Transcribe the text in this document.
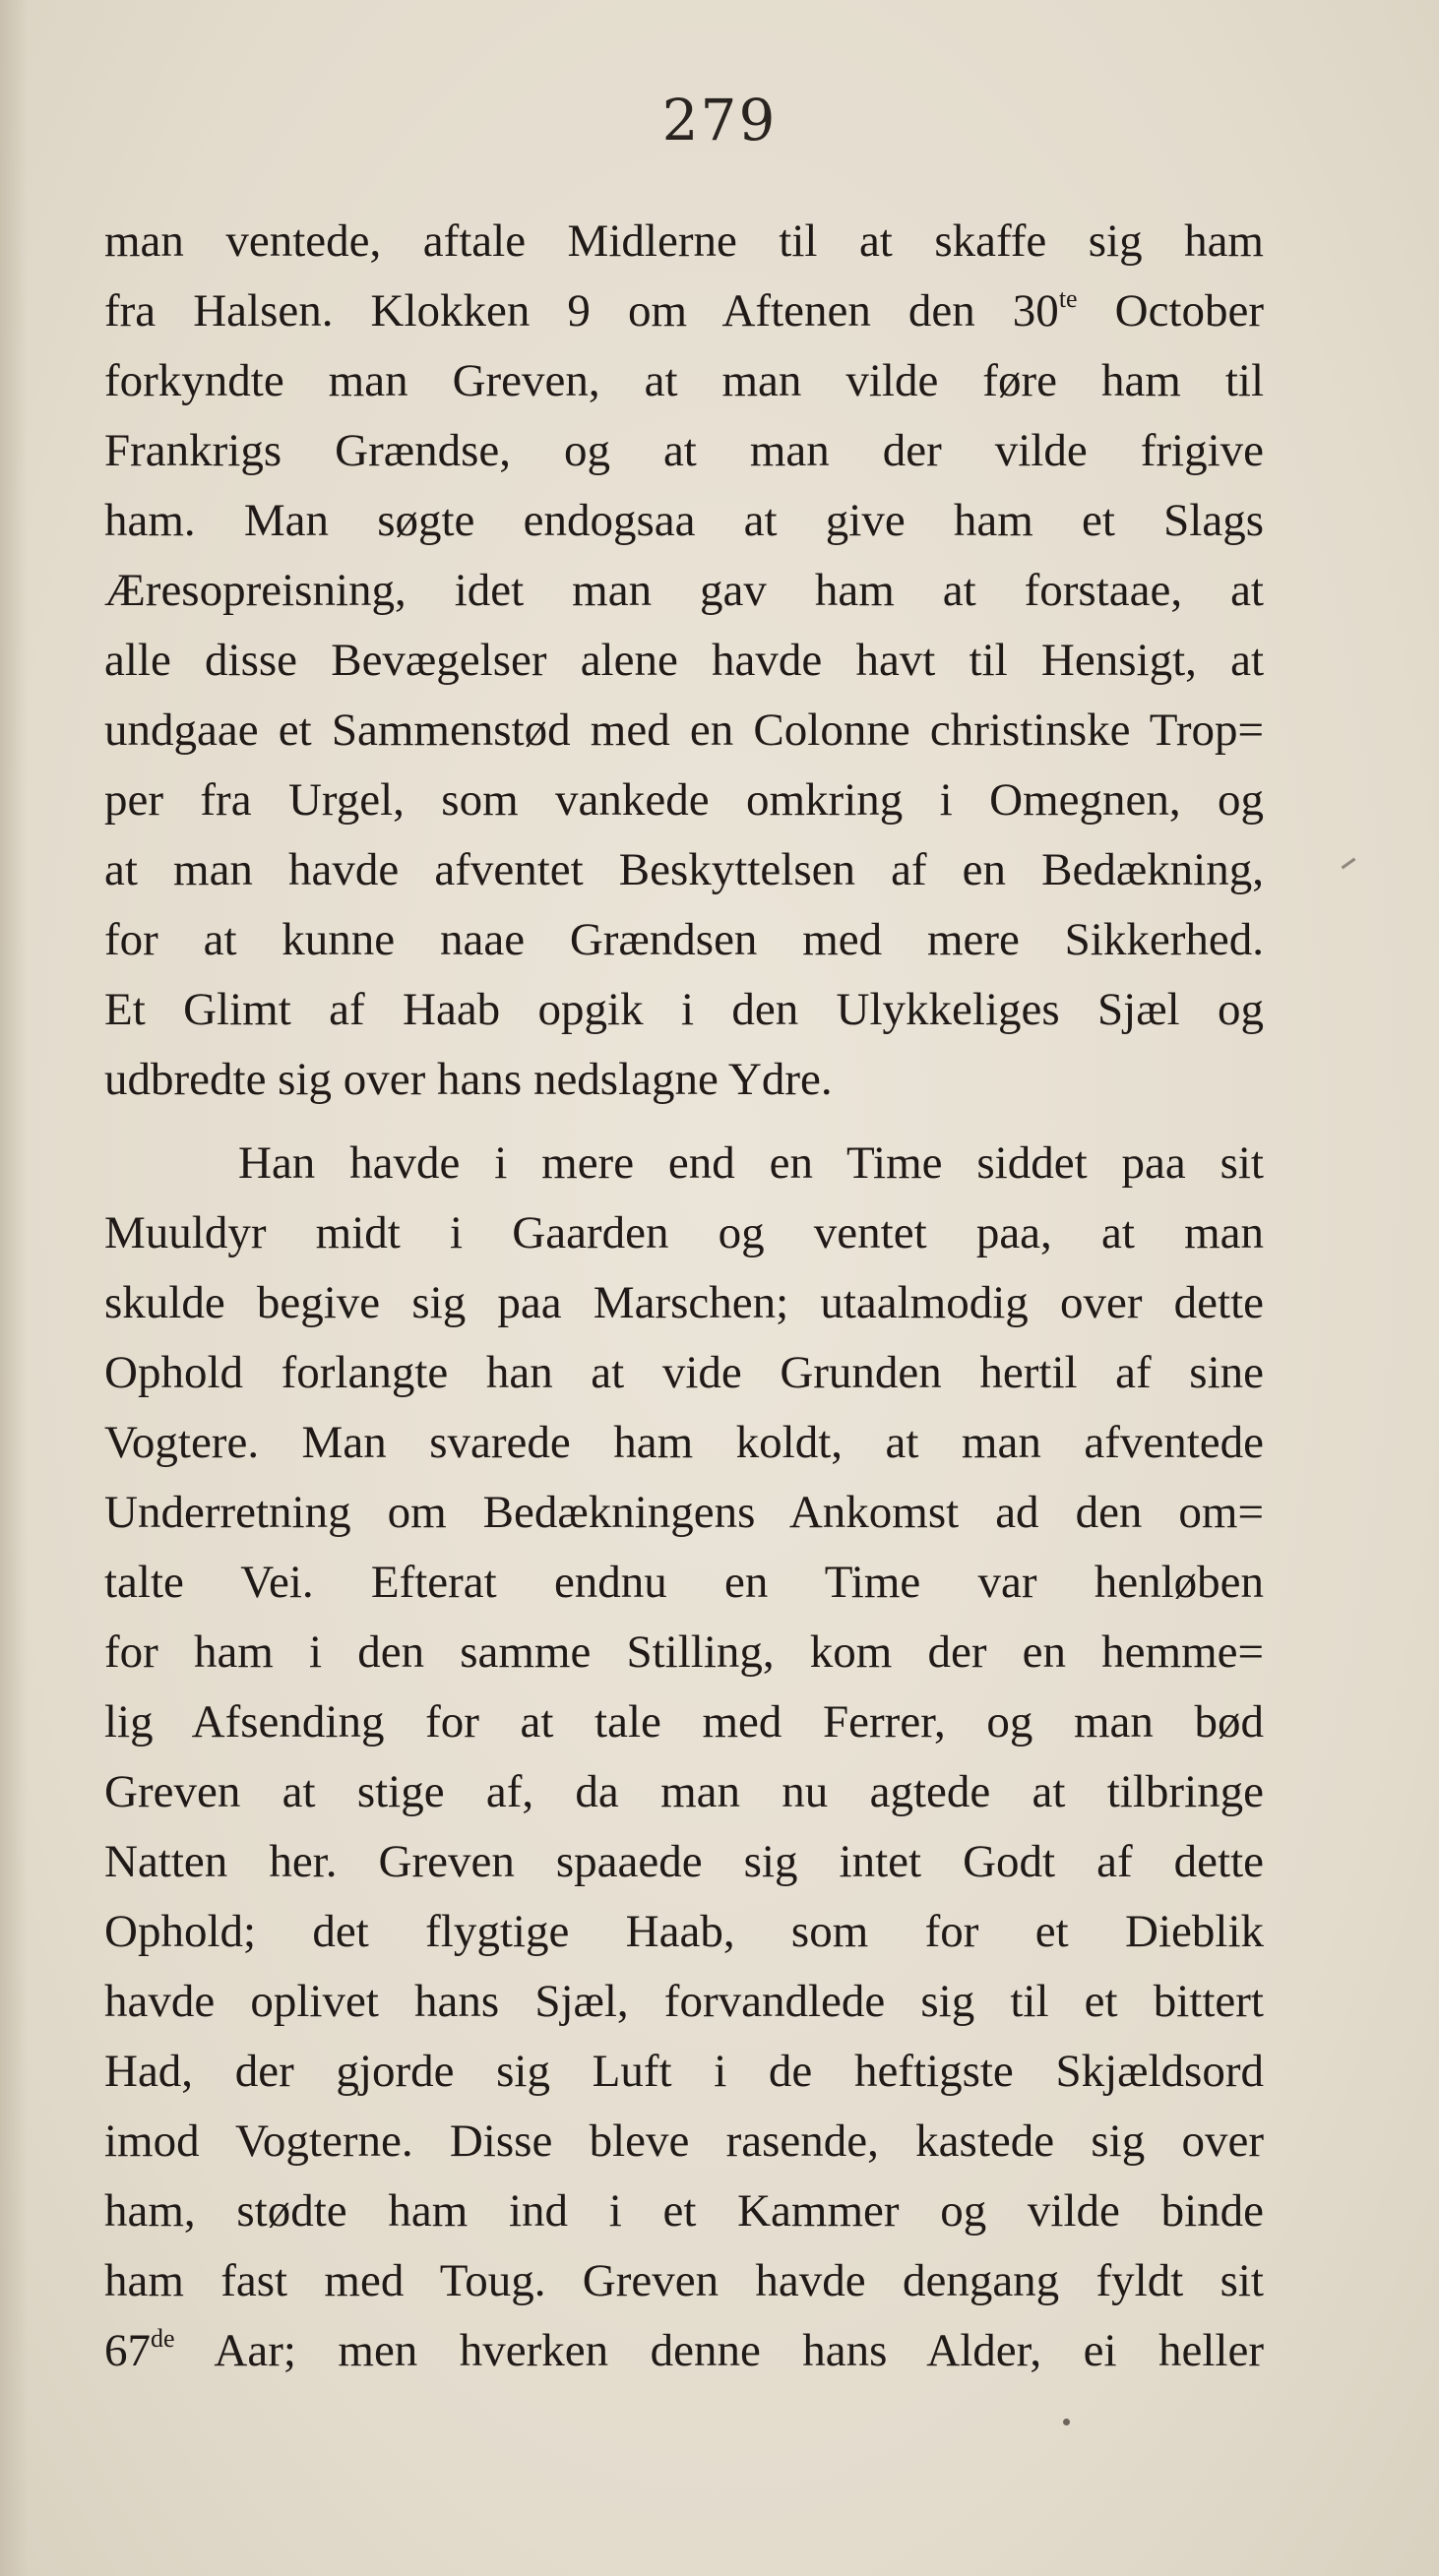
279
man ventede, aftale Midlerne til at skaffe sig ham
fra Halsen. Klokken 9 om Aftenen den $30^{te}$ October
forkyndte man Greven, at man vilde føre ham til
Frankrigs Grændse, og at man der vilde frigive
ham. Man søgte endogsaa at give ham et Slags
Æresopreisning, idet man gav ham at forstaae, at
alle disse Bevægelser alene havde havt til Hensigt, at
undgaae et Sammenstød med en Colonne christinske Trop=
per fra Urgel, som vankede omkring i Omegnen, og
at man havde afventet Beskyttelsen af en Bedækning,
for at kunne naae Grændsen med mere Sikkerhed.
Et Glimt af Haab opgik i den Ulykkeliges Sjæl og
udbredte sig over hans nedslagne Ydre.
Han havde i mere end en Time siddet paa sit
Muuldyr midt i Gaarden og ventet paa, at man
skulde begive sig paa Marschen; utaalmodig over dette
Ophold forlangte han at vide Grunden hertil af sine
Vogtere. Man svarede ham koldt, at man afventede
Underretning om Bedækningens Ankomst ad den om=
talte Vei. Efterat endnu en Time var henløben
for ham i den samme Stilling, kom der en hemme=
lig Afsending for at tale med Ferrer, og man bød
Greven at stige af, da man nu agtede at tilbringe
Natten her. Greven spaaede sig intet Godt af dette
Ophold; det flygtige Haab, som for et Dieblik
havde oplivet hans Sjæl, forvandlede sig til et bittert
Had, der gjorde sig Luft i de heftigste Skjældsord
imod Vogterne. Disse bleve rasende, kastede sig over
ham, stødte ham ind i et Kammer og vilde binde
ham fast med Toug. Greven havde dengang fyldt sit
67de Aar; men hverken denne hans Alder, ei heller
